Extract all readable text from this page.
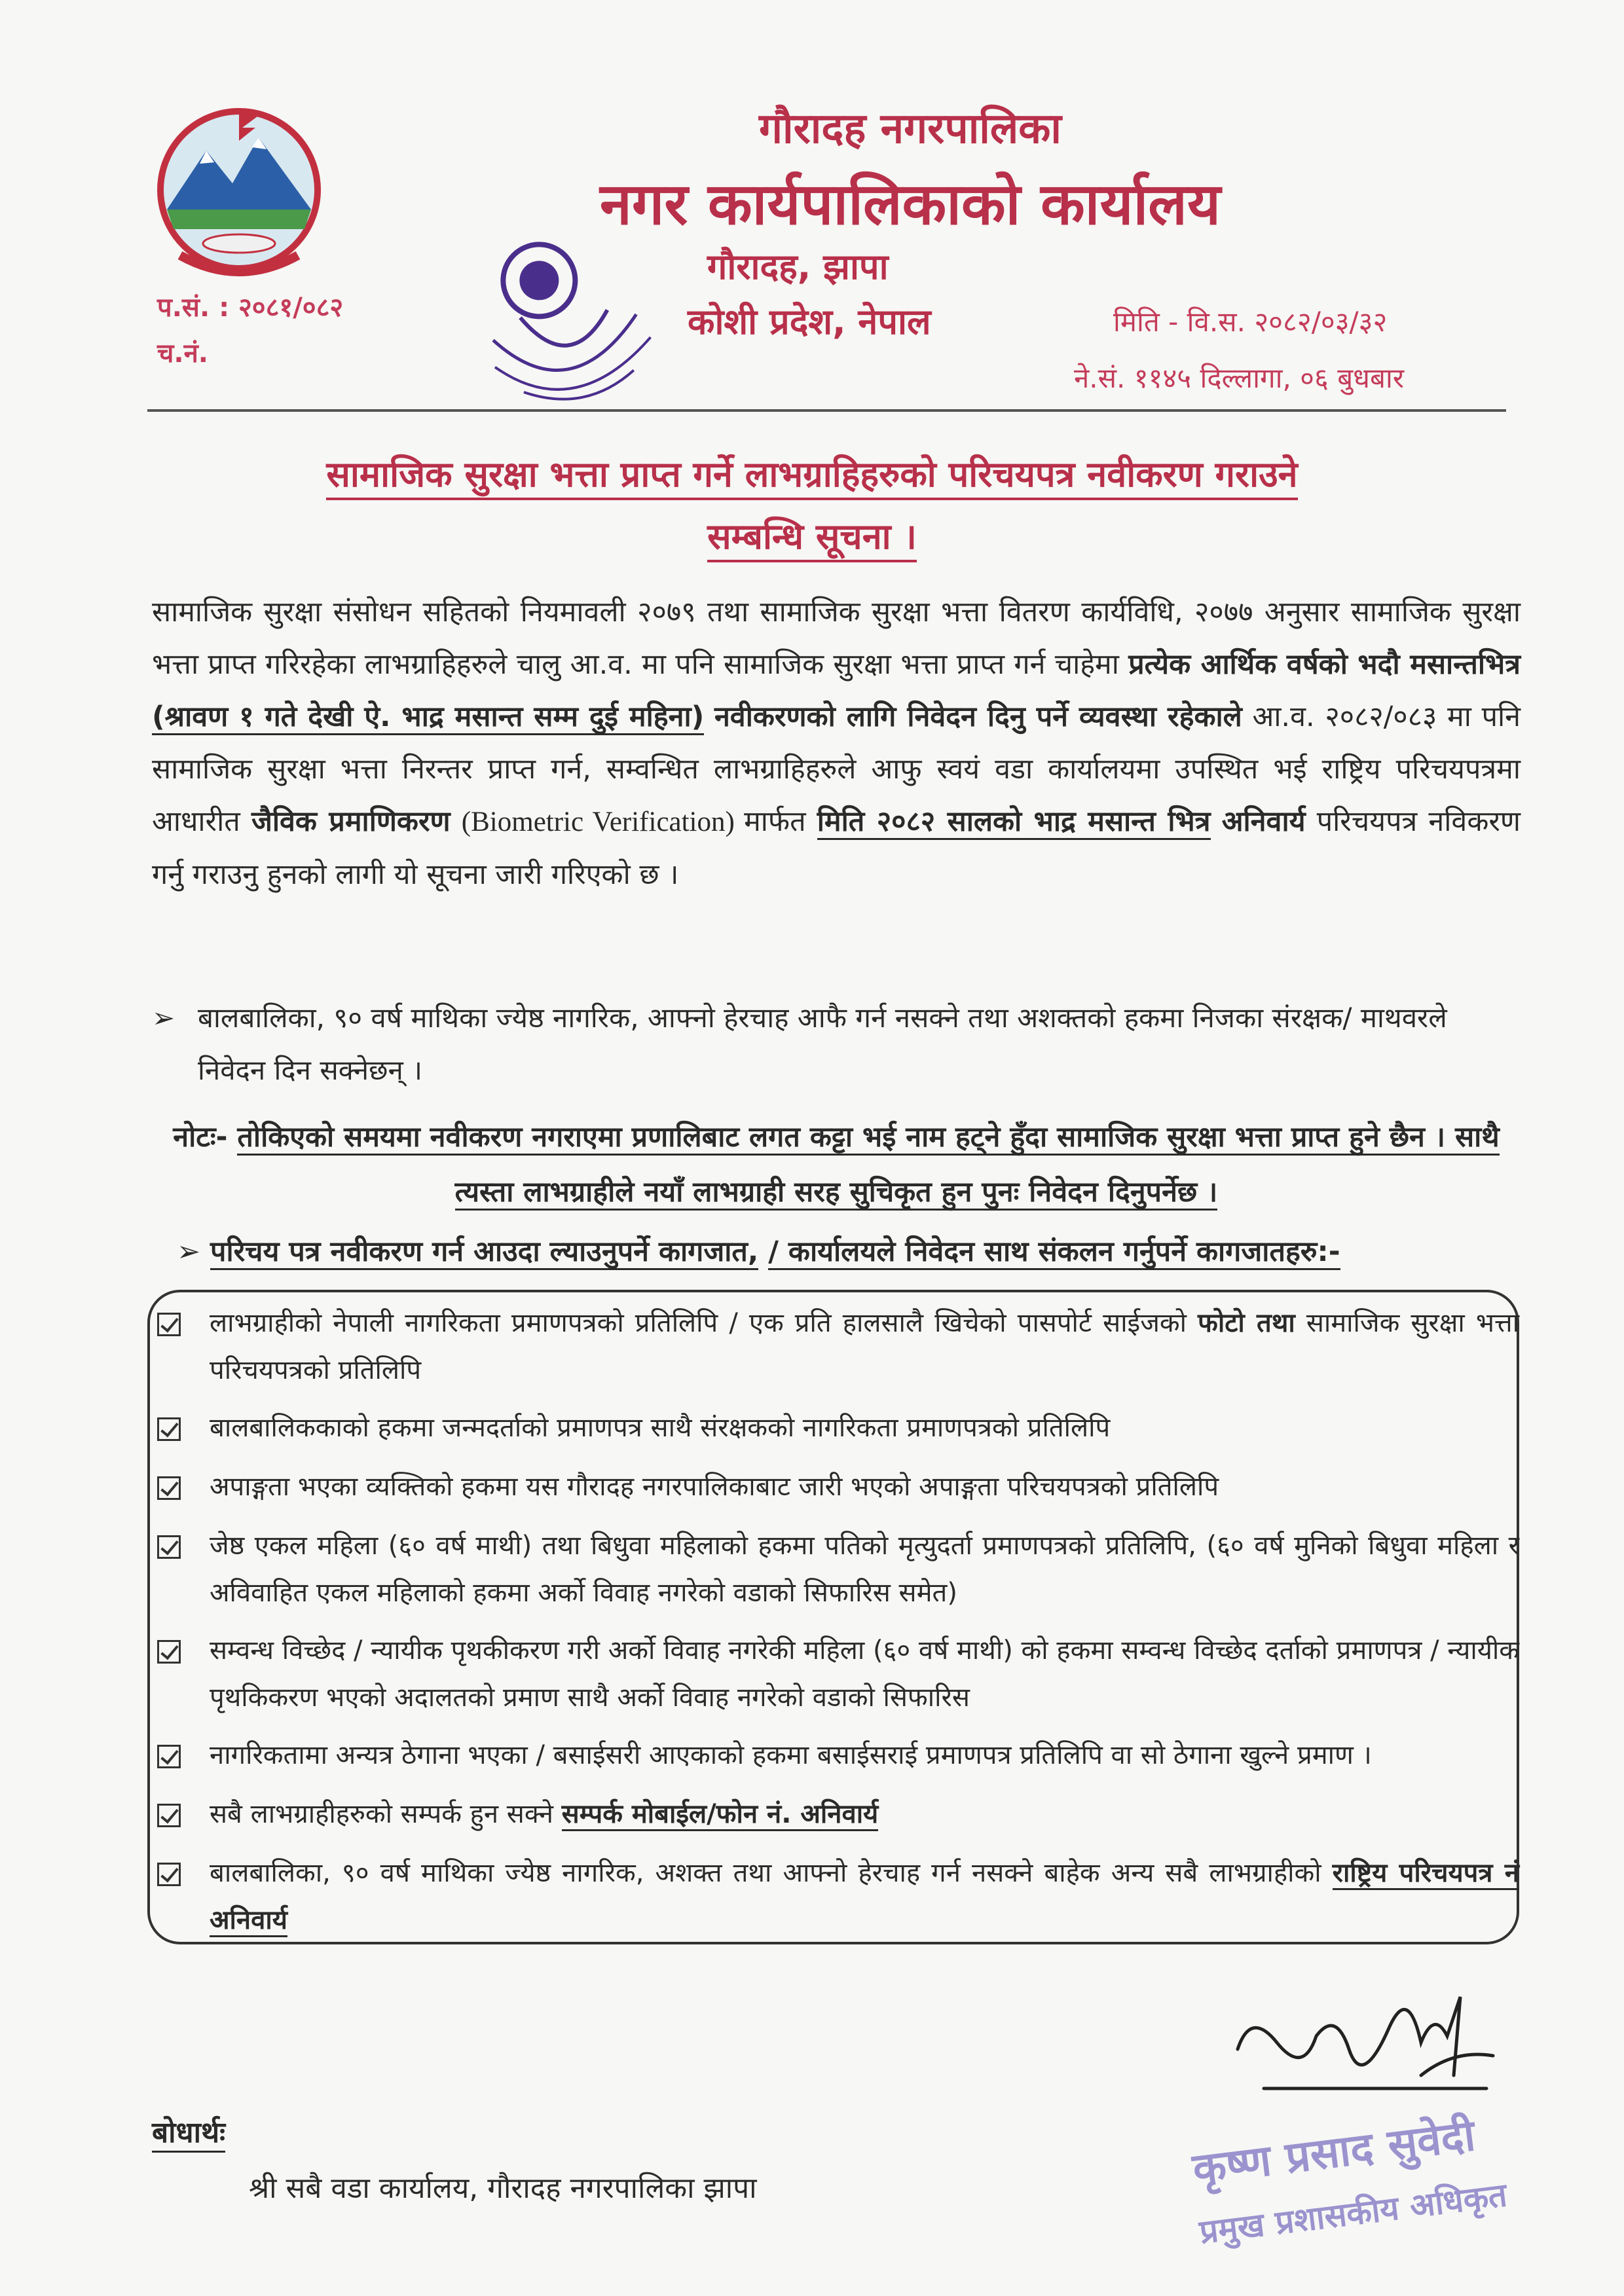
गौरादह नगरपालिका
नगर कार्यपालिकाको कार्यालय
गौरादह, झापा
कोशी प्रदेश, नेपाल
प.सं. : २०८१/०८२
च.नं.
मिति - वि.स. २०८२/०३/३२
ने.सं. ११४५ दिल्लागा, ०६ बुधबार
सामाजिक सुरक्षा भत्ता प्राप्त गर्ने लाभग्राहिहरुको परिचयपत्र नवीकरण गराउने
सम्बन्धि सूचना ।
सामाजिक सुरक्षा संसोधन सहितको नियमावली २०७९ तथा सामाजिक सुरक्षा भत्ता वितरण कार्यविधि, २०७७ अनुसार सामाजिक सुरक्षा भत्ता प्राप्त गरिरहेका लाभग्राहिहरुले चालु आ.व. मा पनि सामाजिक सुरक्षा भत्ता प्राप्त गर्न चाहेमा प्रत्येक आर्थिक वर्षको भदौ मसान्तभित्र (श्रावण १ गते देखी ऐ. भाद्र मसान्त सम्म दुई महिना) नवीकरणको लागि निवेदन दिनु पर्ने व्यवस्था रहेकाले आ.व. २०८२/०८३ मा पनि सामाजिक सुरक्षा भत्ता निरन्तर प्राप्त गर्न, सम्वन्धित लाभग्राहिहरुले आफु स्वयं वडा कार्यालयमा उपस्थित भई राष्ट्रिय परिचयपत्रमा आधारीत जैविक प्रमाणिकरण (Biometric Verification) मार्फत मिति २०८२ सालको भाद्र मसान्त भित्र अनिवार्य परिचयपत्र नविकरण गर्नु गराउनु हुनको लागी यो सूचना जारी गरिएको छ ।
➢ बालबालिका, ९० वर्ष माथिका ज्येष्ठ नागरिक, आफ्नो हेरचाह आफै गर्न नसक्ने तथा अशक्तको हकमा निजका संरक्षक/ माथवरले निवेदन दिन सक्नेछन् ।
नोटः- तोकिएको समयमा नवीकरण नगराएमा प्रणालिबाट लगत कट्टा भई नाम हट्ने हुँदा सामाजिक सुरक्षा भत्ता प्राप्त हुने छैन । साथै त्यस्ता लाभग्राहीले नयाँ लाभग्राही सरह सुचिकृत हुन पुनः निवेदन दिनुपर्नेछ ।
➢ परिचय पत्र नवीकरण गर्न आउदा ल्याउनुपर्ने कागजात, / कार्यालयले निवेदन साथ संकलन गर्नुपर्ने कागजातहरु:-
लाभग्राहीको नेपाली नागरिकता प्रमाणपत्रको प्रतिलिपि / एक प्रति हालसालै खिचेको पासपोर्ट साईजको फोटो तथा सामाजिक सुरक्षा भत्ता परिचयपत्रको प्रतिलिपि
बालबालिककाको हकमा जन्मदर्ताको प्रमाणपत्र साथै संरक्षकको नागरिकता प्रमाणपत्रको प्रतिलिपि
अपाङ्गता भएका व्यक्तिको हकमा यस गौरादह नगरपालिकाबाट जारी भएको अपाङ्गता परिचयपत्रको प्रतिलिपि
जेष्ठ एकल महिला (६० वर्ष माथी) तथा बिधुवा महिलाको हकमा पतिको मृत्युदर्ता प्रमाणपत्रको प्रतिलिपि, (६० वर्ष मुनिको बिधुवा महिला र अविवाहित एकल महिलाको हकमा अर्को विवाह नगरेको वडाको सिफारिस समेत)
सम्वन्ध विच्छेद / न्यायीक पृथकीकरण गरी अर्को विवाह नगरेकी महिला (६० वर्ष माथी) को हकमा सम्वन्ध विच्छेद दर्ताको प्रमाणपत्र / न्यायीक पृथकिकरण भएको अदालतको प्रमाण साथै अर्को विवाह नगरेको वडाको सिफारिस
नागरिकतामा अन्यत्र ठेगाना भएका / बसाईसरी आएकाको हकमा बसाईसराई प्रमाणपत्र प्रतिलिपि वा सो ठेगाना खुल्ने प्रमाण ।
सबै लाभग्राहीहरुको सम्पर्क हुन सक्ने सम्पर्क मोबाईल/फोन नं. अनिवार्य
बालबालिका, ९० वर्ष माथिका ज्येष्ठ नागरिक, अशक्त तथा आफ्नो हेरचाह गर्न नसक्ने बाहेक अन्य सबै लाभग्राहीको राष्ट्रिय परिचयपत्र नं अनिवार्य
कृष्ण प्रसाद सुवेदी
प्रमुख प्रशासकीय अधिकृत
बोधार्थः
श्री सबै वडा कार्यालय, गौरादह नगरपालिका झापा
